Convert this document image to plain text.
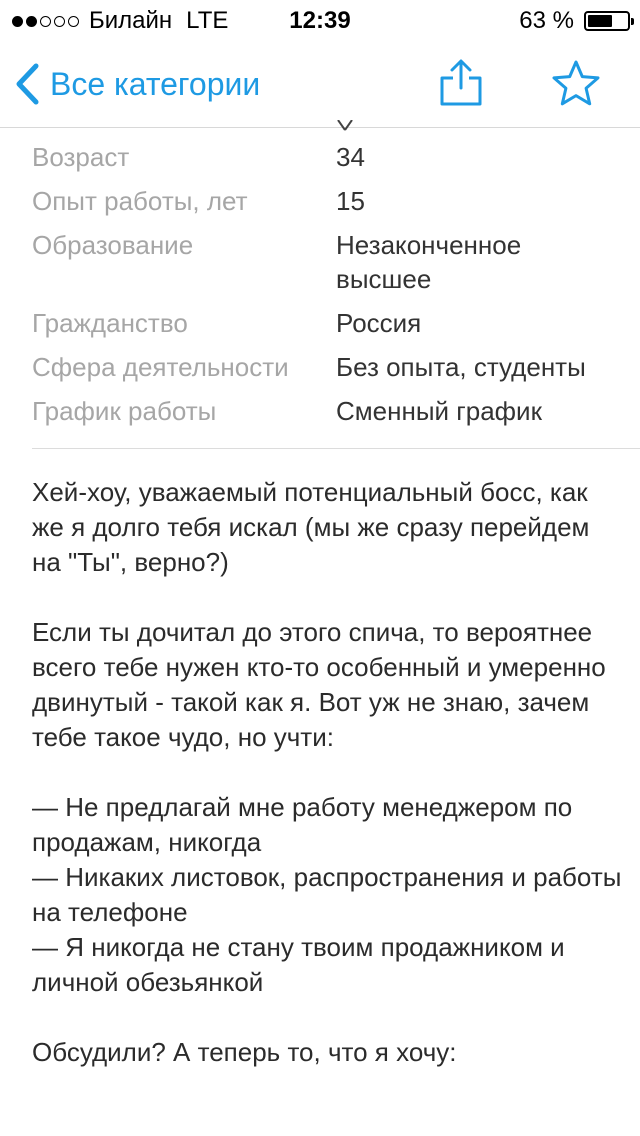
Билайн LTE	12:39	63 %
Все категории
Возраст	34
Опыт работы, лет	15
Образование	Незаконченное высшее
Гражданство	Россия
Сфера деятельности	Без опыта, студенты
График работы	Сменный график

Хей-хоу, уважаемый потенциальный босс, как же я долго тебя искал (мы же сразу перейдем на "Ты", верно?)

Если ты дочитал до этого спича, то вероятнее всего тебе нужен кто-то особенный и умеренно двинутый - такой как я. Вот уж не знаю, зачем тебе такое чудо, но учти:

— Не предлагай мне работу менеджером по продажам, никогда
— Никаких листовок, распространения и работы на телефоне
— Я никогда не стану твоим продажником и личной обезьянкой

Обсудили? А теперь то, что я хочу:
